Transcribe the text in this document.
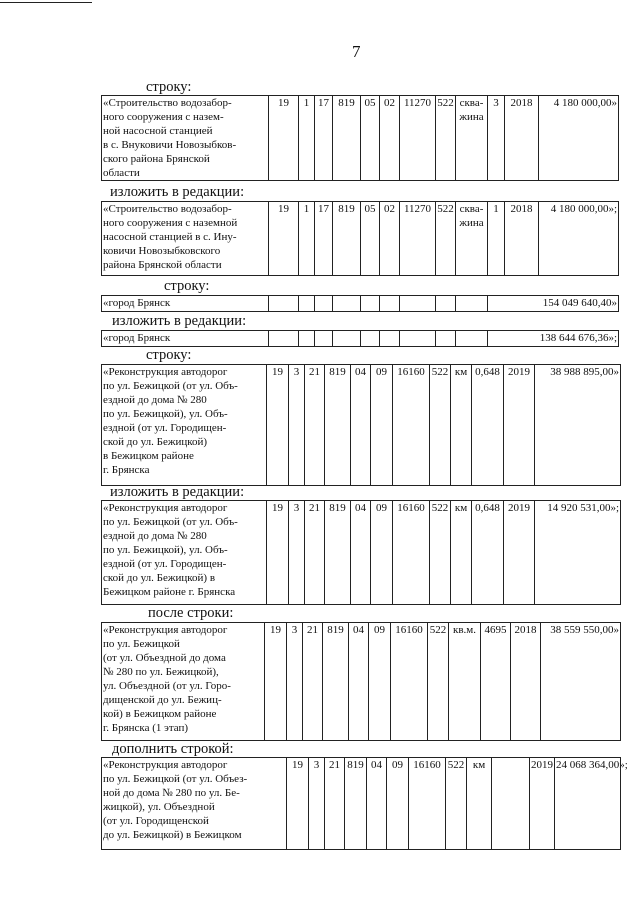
7
строку:
«Строительство водозабор-
ного сооружения с назем-
ной насосной станцией
в с. Внуковичи Новозыбков-
ского района Брянской
области	19	1	17	819	05	02	11270	522	сква- жина	3	2018	4 180 000,00»
изложить в редакции:
«Строительство водозабор-
ного сооружения с наземной
насосной станцией в с. Ину-
ковичи Новозыбковского
района Брянской области	19	1	17	819	05	02	11270	522	сква- жина	1	2018	4 180 000,00»;
строку:
«город Брянск										154 049 640,40»
изложить в редакции:
«город Брянск										138 644 676,36»;
строку:
«Реконструкция автодорог
по ул. Бежицкой (от ул. Объ-
ездной до дома № 280
по ул. Бежицкой), ул. Объ-
ездной (от ул. Городищен-
ской до ул. Бежицкой)
в Бежицком районе
г. Брянска	19	3	21	819	04	09	16160	522	км	0,648	2019	38 988 895,00»
изложить в редакции:
«Реконструкция автодорог
по ул. Бежицкой (от ул. Объ-
ездной до дома № 280
по ул. Бежицкой), ул. Объ-
ездной (от ул. Городищен-
ской до ул. Бежицкой) в
Бежицком районе г. Брянска	19	3	21	819	04	09	16160	522	км	0,648	2019	14 920 531,00»;
после строки:
«Реконструкция автодорог
по ул. Бежицкой
(от ул. Объездной до дома
№ 280 по ул. Бежицкой),
ул. Объездной (от ул. Горо-
дищенской до ул. Бежиц-
кой) в Бежицком районе
г. Брянска (1 этап)	19	3	21	819	04	09	16160	522	кв.м.	4695	2018	38 559 550,00»
дополнить строкой:
«Реконструкция автодорог
по ул. Бежицкой (от ул. Объез-
ной до дома № 280 по ул. Бе-
жицкой), ул. Объездной
(от ул. Городищенской
до ул. Бежицкой) в Бежицком	19	3	21	819	04	09	16160	522	км		2019	24 068 364,00»;
